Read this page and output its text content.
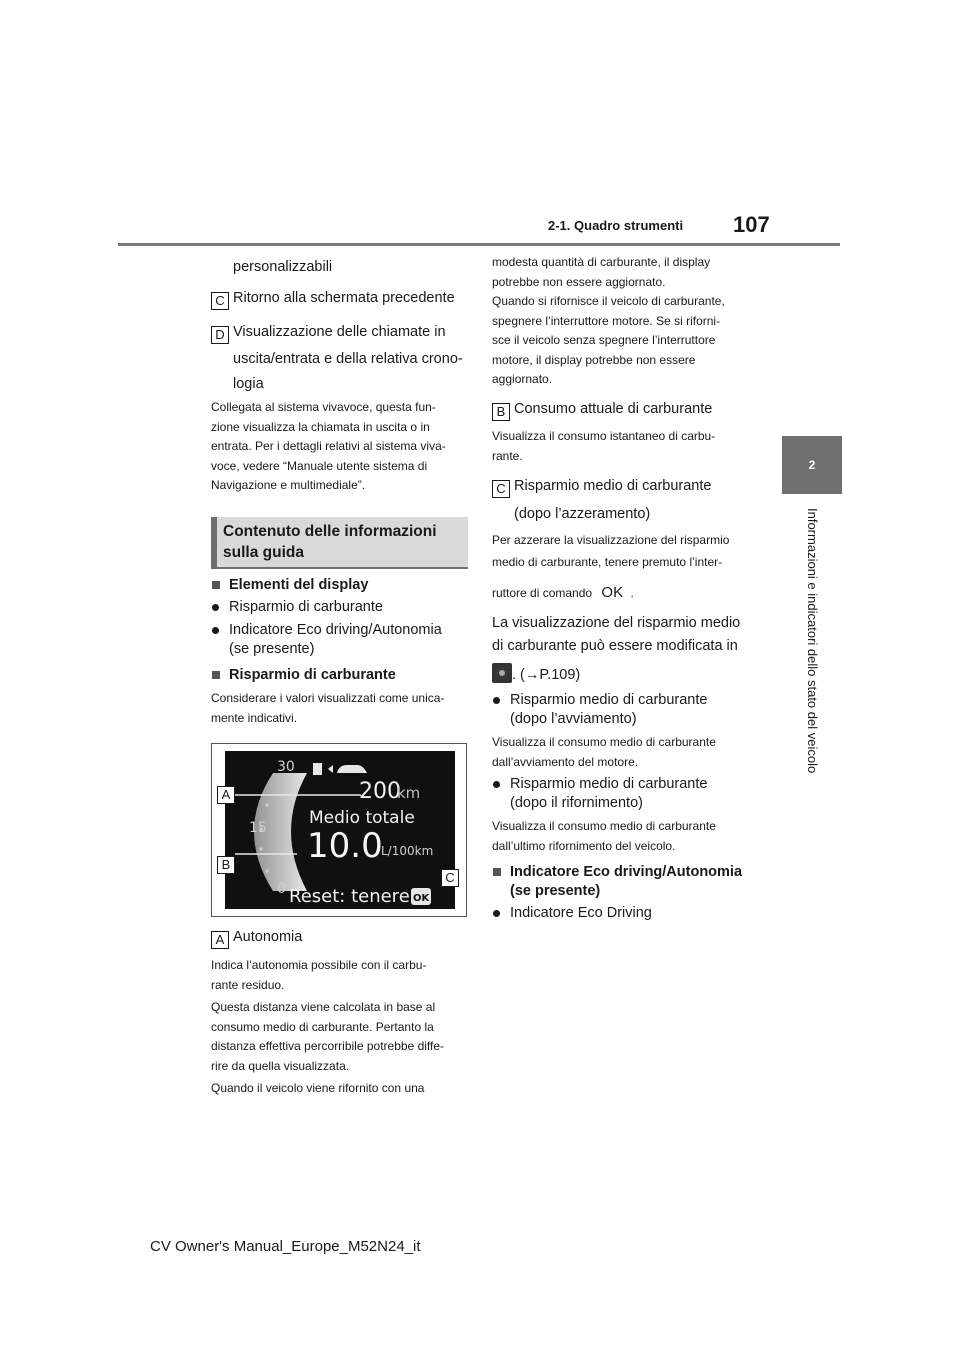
2-1. Quadro strumenti 107
2
Informazioni e indicatori dello stato del veicolo
personalizzabili
C Ritorno alla schermata precedente
D Visualizzazione delle chiamate in
uscita/entrata e della relativa crono-
logia
Collegata al sistema vivavoce, questa fun-
zione visualizza la chiamata in uscita o in
entrata. Per i dettagli relativi al sistema viva-
voce, vedere “Manuale utente sistema di
Navigazione e multimediale”.
Contenuto delle informazioni
sulla guida
Elementi del display
Risparmio di carburante
Indicatore Eco driving/Autonomia
(se presente)
Risparmio di carburante
Considerare i valori visualizzati come unica-
mente indicativi.
30
15
0
200
km
Medio totale
10.0
L/100km
Reset: tenere OK
A
B
C
A Autonomia
Indica l’autonomia possibile con il carbu-
rante residuo.
Questa distanza viene calcolata in base al
consumo medio di carburante. Pertanto la
distanza effettiva percorribile potrebbe diffe-
rire da quella visualizzata.
Quando il veicolo viene rifornito con una
modesta quantità di carburante, il display
potrebbe non essere aggiornato.
Quando si rifornisce il veicolo di carburante,
spegnere l’interruttore motore. Se si riforni-
sce il veicolo senza spegnere l’interruttore
motore, il display potrebbe non essere
aggiornato.
B Consumo attuale di carburante
Visualizza il consumo istantaneo di carbu-
rante.
C Risparmio medio di carburante
(dopo l’azzeramento)
Per azzerare la visualizzazione del risparmio
medio di carburante, tenere premuto l’inter-
ruttore di comando OK .
La visualizzazione del risparmio medio
di carburante può essere modificata in
. (→P.109)
Risparmio medio di carburante
(dopo l’avviamento)
Visualizza il consumo medio di carburante
dall’avviamento del motore.
Risparmio medio di carburante
(dopo il rifornimento)
Visualizza il consumo medio di carburante
dall’ultimo rifornimento del veicolo.
Indicatore Eco driving/Autonomia
(se presente)
Indicatore Eco Driving
CV Owner's Manual_Europe_M52N24_it
